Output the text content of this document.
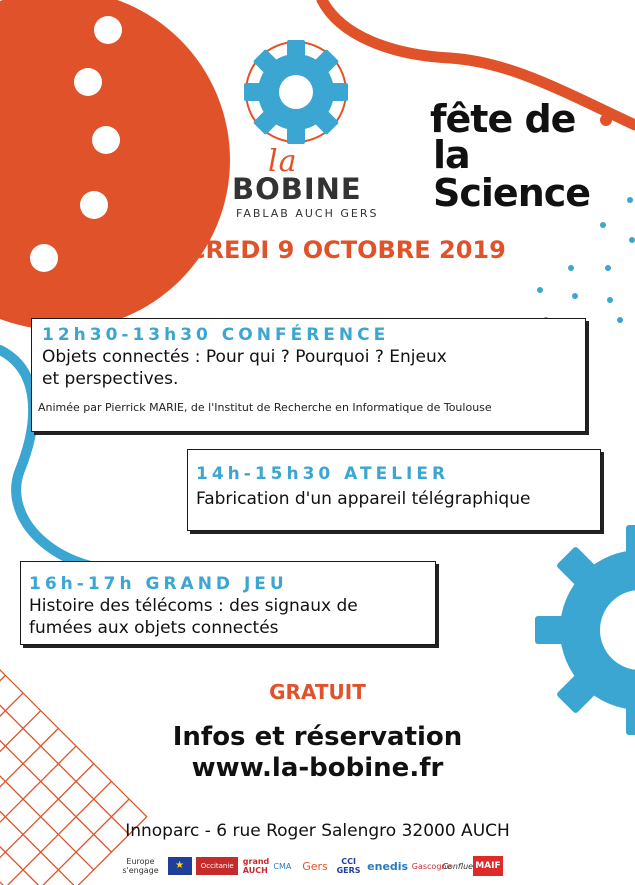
la
BOBINE
FABLAB AUCH GERS
fête de
la Science
MERCREDI 9 OCTOBRE 2019
12h30-13h30 CONFÉRENCE
Objets connectés : Pour qui ? Pourquoi ? Enjeux
et perspectives.
Animée par Pierrick MARIE, de l'Institut de Recherche en Informatique de Toulouse
14h-15h30 ATELIER
Fabrication d'un appareil télégraphique
16h-17h GRAND JEU
Histoire des télécoms : des signaux de
fumées aux objets connectés
GRATUIT
Infos et réservation
www.la-bobine.fr
Innoparc - 6 rue Roger Salengro 32000 AUCH
Europe s'engage	★	Occitanie	grand AUCH CMA Gers	CCI GERS enedis Gascogne
Conflue MAIF
